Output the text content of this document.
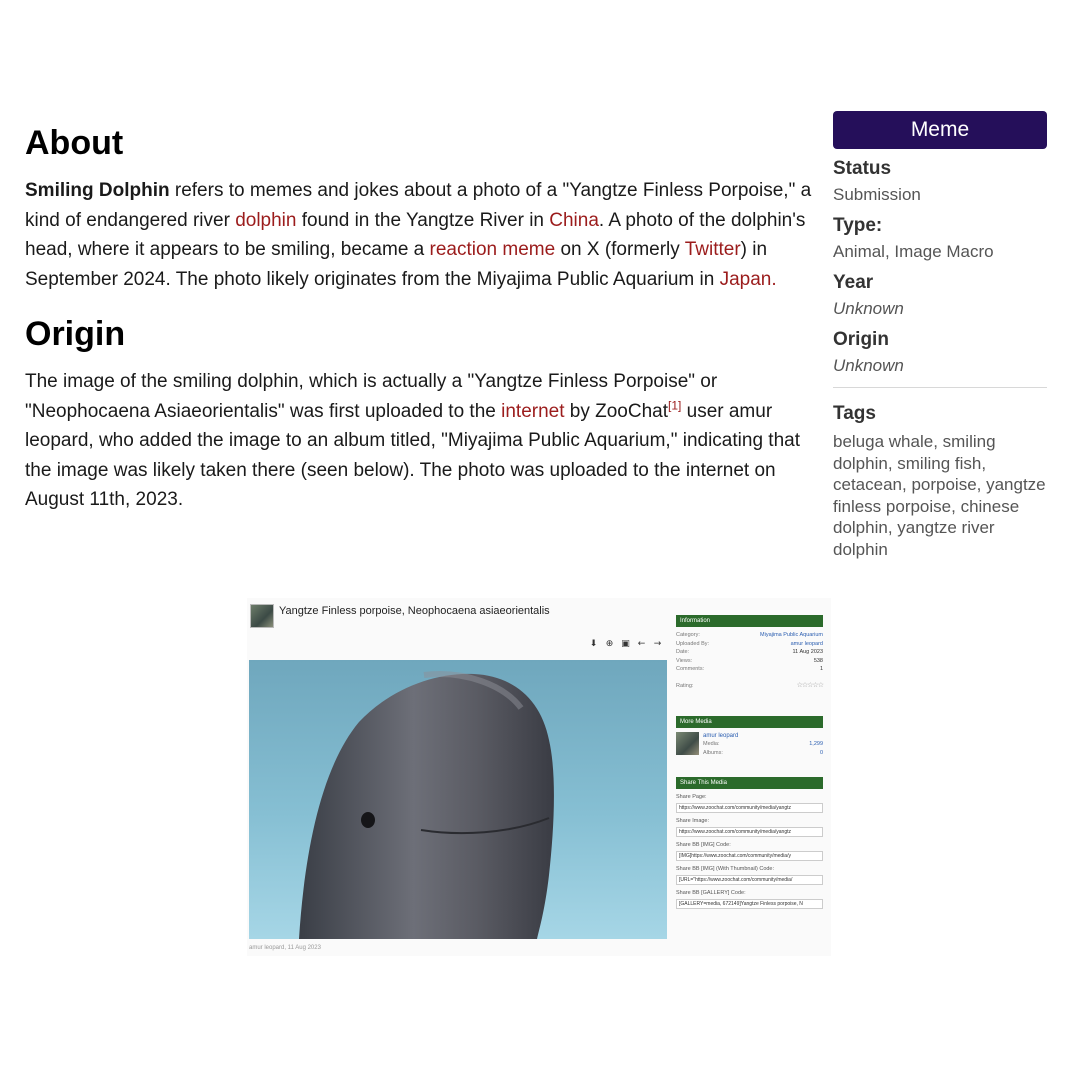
About

Smiling Dolphin refers to memes and jokes about a photo of a "Yangtze Finless Porpoise," a kind of endangered river dolphin found in the Yangtze River in China. A photo of the dolphin's head, where it appears to be smiling, became a reaction meme on X (formerly Twitter) in September 2024. The photo likely originates from the Miyajima Public Aquarium in Japan.

Origin

The image of the smiling dolphin, which is actually a "Yangtze Finless Porpoise" or "Neophocaena Asiaeorientalis" was first uploaded to the internet by ZooChat[1] user amur leopard, who added the image to an album titled, "Miyajima Public Aquarium," indicating that the image was likely taken there (seen below). The photo was uploaded to the internet on August 11th, 2023.

Meme
Status
Submission
Type:
Animal, Image Macro
Year
Unknown
Origin
Unknown
Tags
beluga whale, smiling dolphin, smiling fish, cetacean, porpoise, yangtze finless porpoise, chinese dolphin, yangtze river dolphin
Yangtze Finless porpoise, Neophocaena asiaeorientalis
⬇ ⊕ ▣ ← →
amur leopard, 11 Aug 2023
Information
Category:	Miyajima Public Aquarium
Uploaded By:	amur leopard
Date:	11 Aug 2023
Views:	538
Comments:	1
Rating:	☆☆☆☆☆
More Media
amur leopard
Media:	1,299
Albums:	0
Share This Media
Share Page:
https://www.zoochat.com/community/media/yangtz
Share Image:
https://www.zoochat.com/community/media/yangtz
Share BB [IMG] Code:
[IMG]https://www.zoochat.com/community/media/y
Share BB [IMG] (With Thumbnail) Code:
[URL="https://www.zoochat.com/community/media/
Share BB [GALLERY] Code:
[GALLERY=media, 672149]Yangtze Finless porpoise, N
